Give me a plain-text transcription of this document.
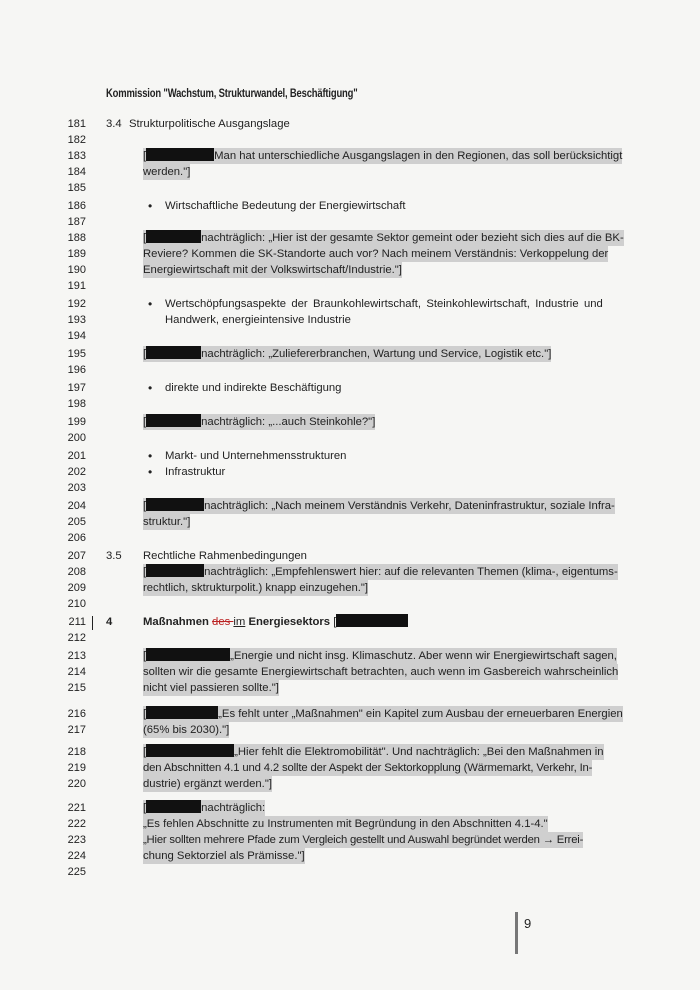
Kommission "Wachstum, Strukturwandel, Beschäftigung"
181
182
183
184
185
186
187
188
189
190
191
192
193
194
195
196
197
198
199
200
201
202
203
204
205
206
207
208
209
210
211
212
213
214
215
216
217
218
219
220
221
222
223
224
225
3.4 Strukturpolitische Ausgangslage
[	Man hat unterschiedliche Ausgangslagen in den Regionen, das soll berücksichtigt
werden."]
• Wirtschaftliche Bedeutung der Energiewirtschaft
[	nachträglich: „Hier ist der gesamte Sektor gemeint oder bezieht sich dies auf die BK-
Reviere? Kommen die SK-Standorte auch vor? Nach meinem Verständnis: Verkoppelung der
Energiewirtschaft mit der Volkswirtschaft/Industrie."]
• Wertschöpfungsaspekte der Braunkohlewirtschaft, Steinkohlewirtschaft, Industrie und
Handwerk, energieintensive Industrie
[	nachträglich: „Zuliefererbranchen, Wartung und Service, Logistik etc."]
• direkte und indirekte Beschäftigung
[	nachträglich: „...auch Steinkohle?"]
• Markt- und Unternehmensstrukturen
• Infrastruktur
[	nachträglich: „Nach meinem Verständnis Verkehr, Dateninfrastruktur, soziale Infra-
struktur."]
3.5 Rechtliche Rahmenbedingungen
[	nachträglich: „Empfehlenswert hier: auf die relevanten Themen (klima-, eigentums-
rechtlich, sktrukturpolit.) knapp einzugehen."]
4	Maßnahmen des im Energiesektors [
[	„Energie und nicht insg. Klimaschutz. Aber wenn wir Energiewirtschaft sagen,
sollten wir die gesamte Energiewirtschaft betrachten, auch wenn im Gasbereich wahrscheinlich
nicht viel passieren sollte."]
[	„Es fehlt unter „Maßnahmen" ein Kapitel zum Ausbau der erneuerbaren Energien
(65% bis 2030)."]
[	„Hier fehlt die Elektromobilität". Und nachträglich: „Bei den Maßnahmen in
den Abschnitten 4.1 und 4.2 sollte der Aspekt der Sektorkopplung (Wärmemarkt, Verkehr, In-
dustrie) ergänzt werden."]
[	nachträglich:
„Es fehlen Abschnitte zu Instrumenten mit Begründung in den Abschnitten 4.1-4."
„Hier sollten mehrere Pfade zum Vergleich gestellt und Auswahl begründet werden → Errei-
chung Sektorziel als Prämisse."]
9
